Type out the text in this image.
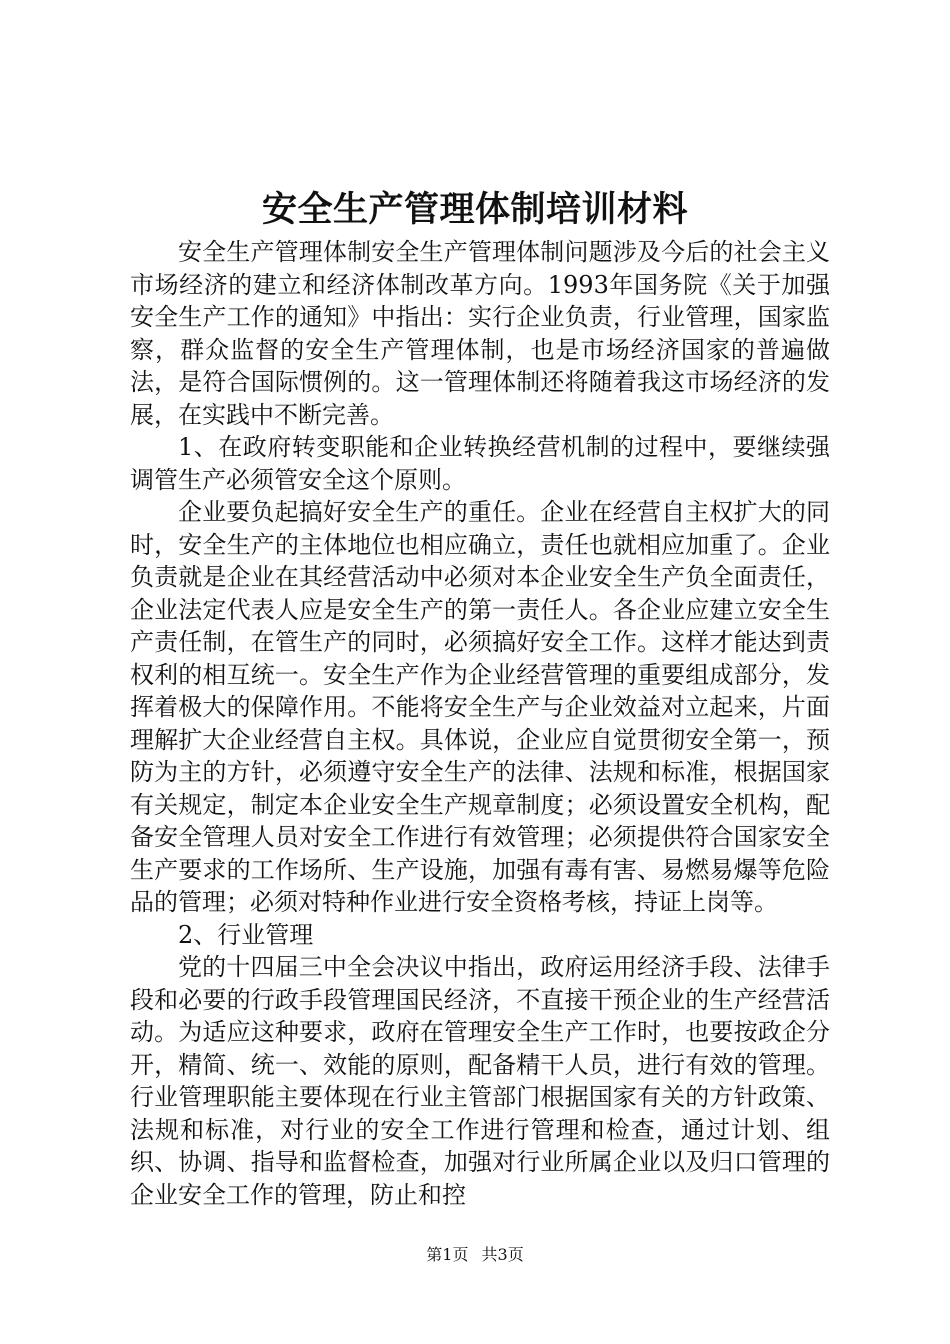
安全生产管理体制培训材料

安全生产管理体制安全生产管理体制问题涉及今后的社会主义市场经济的建立和经济体制改革方向。1993年国务院《关于加强安全生产工作的通知》中指出：实行企业负责，行业管理，国家监察，群众监督的安全生产管理体制，也是市场经济国家的普遍做法，是符合国际惯例的。这一管理体制还将随着我这市场经济的发展，在实践中不断完善。

1、在政府转变职能和企业转换经营机制的过程中，要继续强调管生产必须管安全这个原则。

企业要负起搞好安全生产的重任。企业在经营自主权扩大的同时，安全生产的主体地位也相应确立，责任也就相应加重了。企业负责就是企业在其经营活动中必须对本企业安全生产负全面责任，企业法定代表人应是安全生产的第一责任人。各企业应建立安全生产责任制，在管生产的同时，必须搞好安全工作。这样才能达到责权利的相互统一。安全生产作为企业经营管理的重要组成部分，发挥着极大的保障作用。不能将安全生产与企业效益对立起来，片面理解扩大企业经营自主权。具体说，企业应自觉贯彻安全第一，预防为主的方针，必须遵守安全生产的法律、法规和标准，根据国家有关规定，制定本企业安全生产规章制度；必须设置安全机构，配备安全管理人员对安全工作进行有效管理；必须提供符合国家安全生产要求的工作场所、生产设施，加强有毒有害、易燃易爆等危险品的管理；必须对特种作业进行安全资格考核，持证上岗等。

2、行业管理

党的十四届三中全会决议中指出，政府运用经济手段、法律手段和必要的行政手段管理国民经济，不直接干预企业的生产经营活动。为适应这种要求，政府在管理安全生产工作时，也要按政企分开，精简、统一、效能的原则，配备精干人员，进行有效的管理。行业管理职能主要体现在行业主管部门根据国家有关的方针政策、法规和标准，对行业的安全工作进行管理和检查，通过计划、组织、协调、指导和监督检查，加强对行业所属企业以及归口管理的企业安全工作的管理，防止和控

第1页 共3页
